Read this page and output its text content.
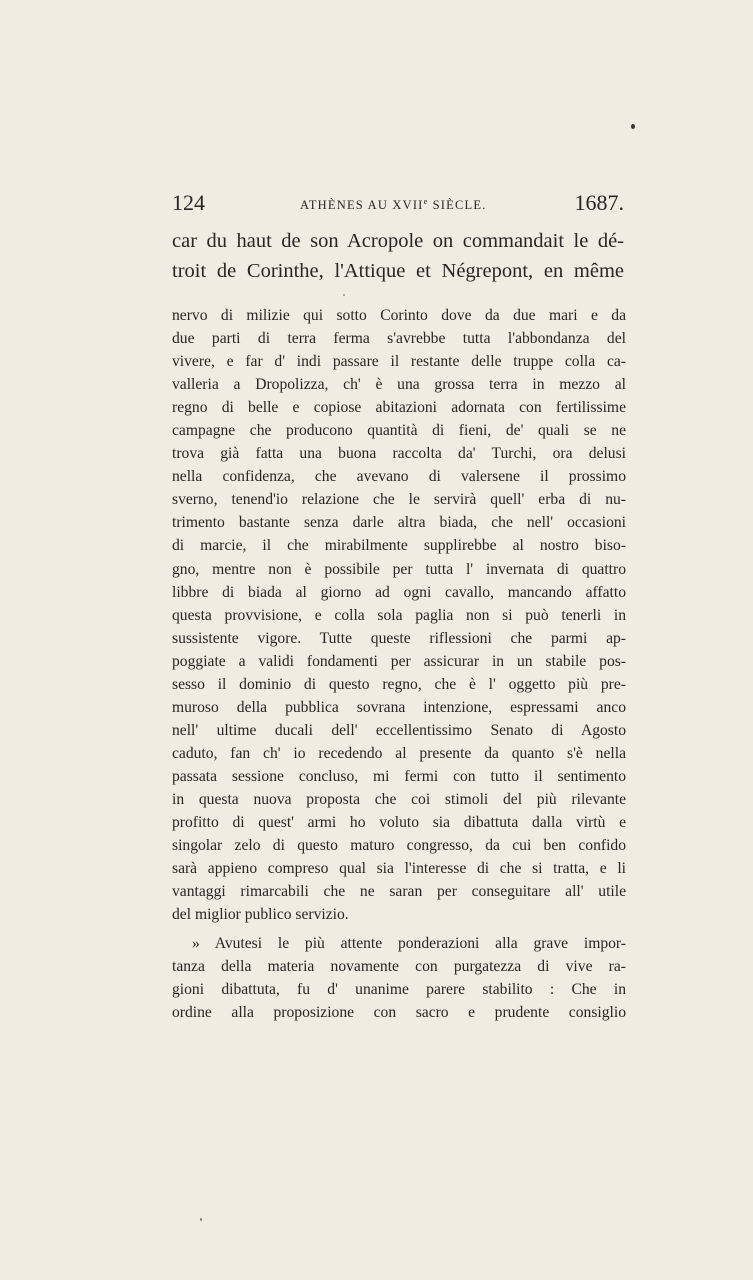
124	ATHÈNES AU XVIIe SIÈCLE.	1687.
car du haut de son Acropole on commandait le dé-
troit de Corinthe, l'Attique et Négrepont, en même
nervo di milizie qui sotto Corinto dove da due mari e da
due parti di terra ferma s'avrebbe tutta l'abbondanza del
vivere, e far d' indi passare il restante delle truppe colla ca-
valleria a Dropolizza, ch' è una grossa terra in mezzo al
regno di belle e copiose abitazioni adornata con fertilissime
campagne che producono quantità di fieni, de' quali se ne
trova già fatta una buona raccolta da' Turchi, ora delusi
nella confidenza, che avevano di valersene il prossimo
sverno, tenend'io relazione che le servirà quell' erba di nu-
trimento bastante senza darle altra biada, che nell' occasioni
di marcie, il che mirabilmente supplirebbe al nostro biso-
gno, mentre non è possibile per tutta l' invernata di quattro
libbre di biada al giorno ad ogni cavallo, mancando affatto
questa provvisione, e colla sola paglia non si può tenerli in
sussistente vigore. Tutte queste riflessioni che parmi ap-
poggiate a validi fondamenti per assicurar in un stabile pos-
sesso il dominio di questo regno, che è l' oggetto più pre-
muroso della pubblica sovrana intenzione, espressami anco
nell' ultime ducali dell' eccellentissimo Senato di Agosto
caduto, fan ch' io recedendo al presente da quanto s'è nella
passata sessione concluso, mi fermi con tutto il sentimento
in questa nuova proposta che coi stimoli del più rilevante
profitto di quest' armi ho voluto sia dibattuta dalla virtù e
singolar zelo di questo maturo congresso, da cui ben confido
sarà appieno compreso qual sia l'interesse di che si tratta, e li
vantaggi rimarcabili che ne saran per conseguitare all' utile
del miglior publico servizio.
» Avutesi le più attente ponderazioni alla grave impor-
tanza della materia novamente con purgatezza di vive ra-
gioni dibattuta, fu d' unanime parere stabilito : Che in
ordine alla proposizione con sacro e prudente consiglio
